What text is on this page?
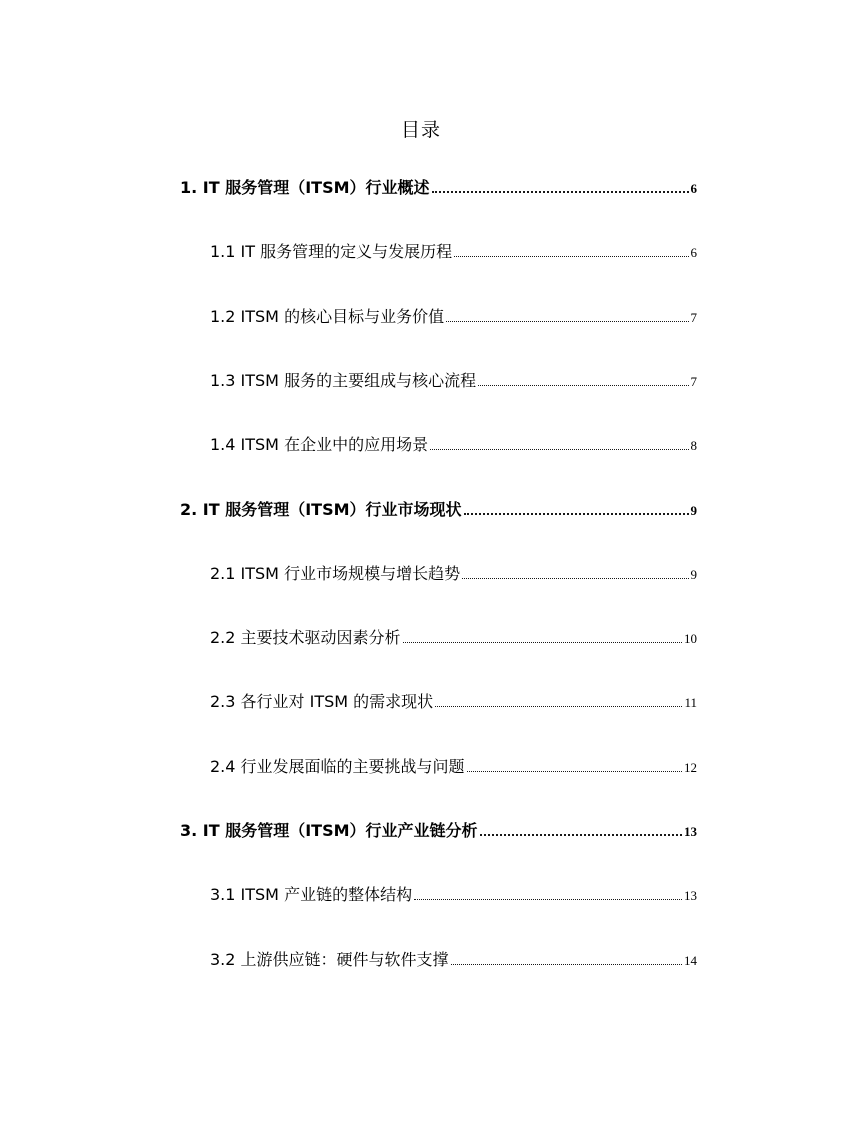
目录
1. IT 服务管理（ITSM）行业概述	6
1.1 IT 服务管理的定义与发展历程	6
1.2 ITSM 的核心目标与业务价值	7
1.3 ITSM 服务的主要组成与核心流程	7
1.4 ITSM 在企业中的应用场景	8
2. IT 服务管理（ITSM）行业市场现状	9
2.1 ITSM 行业市场规模与增长趋势	9
2.2 主要技术驱动因素分析	10
2.3 各行业对 ITSM 的需求现状	11
2.4 行业发展面临的主要挑战与问题	12
3. IT 服务管理（ITSM）行业产业链分析	13
3.1 ITSM 产业链的整体结构	13
3.2 上游供应链：硬件与软件支撑	14
